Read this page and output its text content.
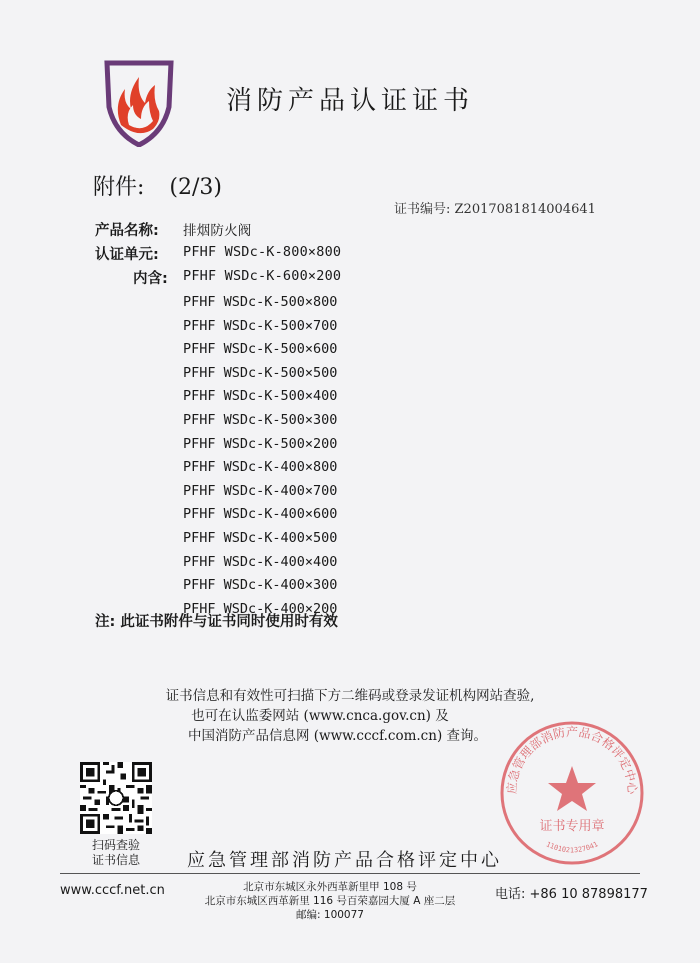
消防产品认证证书
附件: (2/3)
证书编号: Z2017081814004641
产品名称: 排烟防火阀
认证单元: PFHF WSDc-K-800×800
内含: PFHF WSDc-K-600×200
PFHF WSDc-K-500×800
PFHF WSDc-K-500×700
PFHF WSDc-K-500×600
PFHF WSDc-K-500×500
PFHF WSDc-K-500×400
PFHF WSDc-K-500×300
PFHF WSDc-K-500×200
PFHF WSDc-K-400×800
PFHF WSDc-K-400×700
PFHF WSDc-K-400×600
PFHF WSDc-K-400×500
PFHF WSDc-K-400×400
PFHF WSDc-K-400×300
PFHF WSDc-K-400×200
注: 此证书附件与证书同时使用时有效
证书信息和有效性可扫描下方二维码或登录发证机构网站查验,
也可在认监委网站 (www.cnca.gov.cn) 及
中国消防产品信息网 (www.cccf.com.cn) 查询。
扫码查验
证书信息	应急管理部消防产品合格评定中心
应急管理部消防产品合格评定中心
证书专用章
1101021327041
www.cccf.net.cn	北京市东城区永外西革新里甲 108 号
北京市东城区西革新里 116 号百荣嘉园大厦 A 座二层
邮编: 100077
电话: +86 10 87898177
